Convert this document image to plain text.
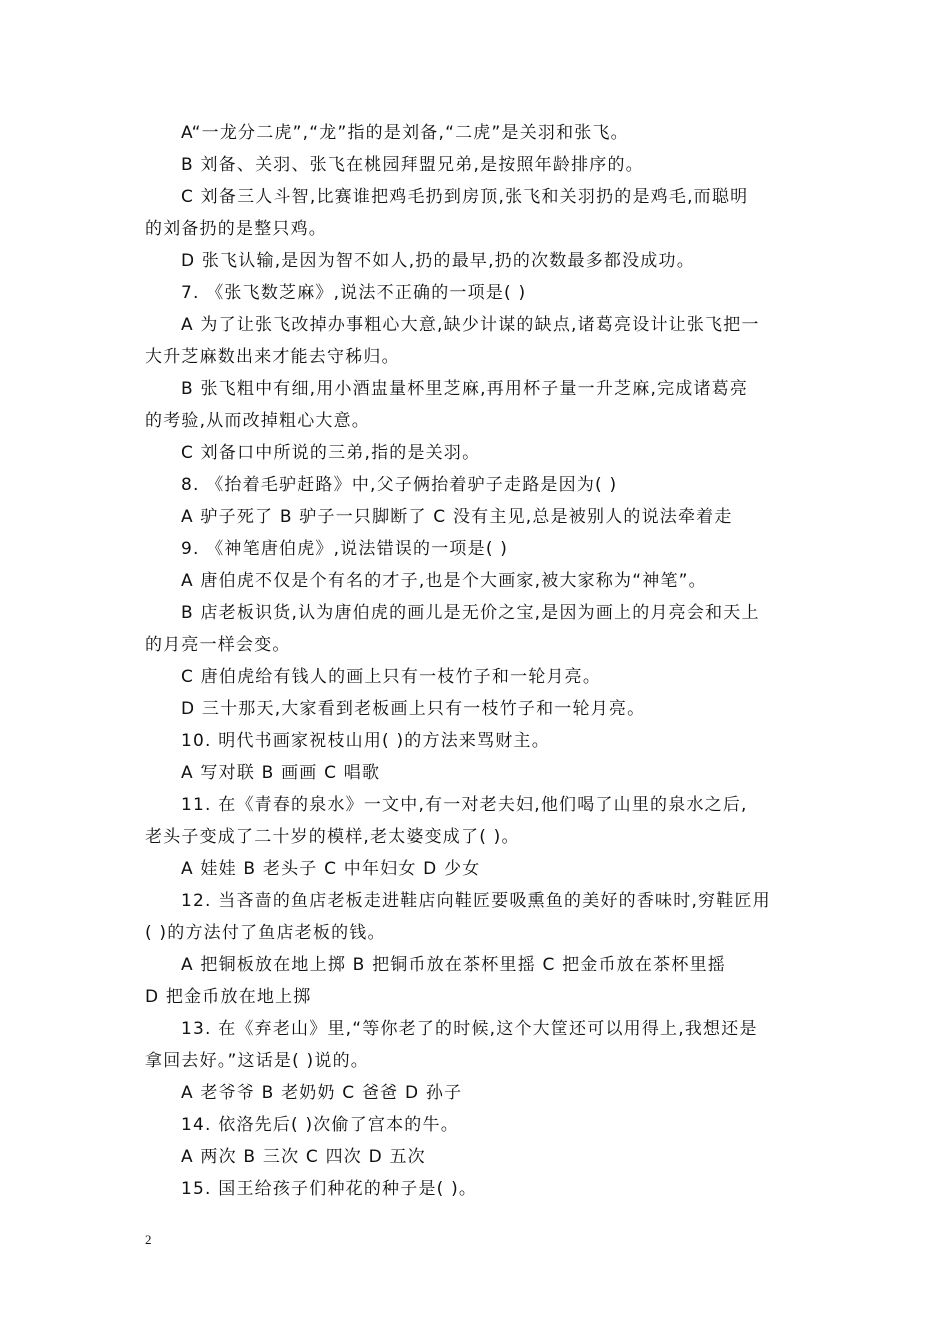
A“一龙分二虎”,“龙”指的是刘备,“二虎”是关羽和张飞。
B 刘备、关羽、张飞在桃园拜盟兄弟,是按照年龄排序的。
C 刘备三人斗智,比赛谁把鸡毛扔到房顶,张飞和关羽扔的是鸡毛,而聪明
的刘备扔的是整只鸡。
D 张飞认输,是因为智不如人,扔的最早,扔的次数最多都没成功。
7. 《张飞数芝麻》,说法不正确的一项是( )
A 为了让张飞改掉办事粗心大意,缺少计谋的缺点,诸葛亮设计让张飞把一
大升芝麻数出来才能去守秭归。
B 张飞粗中有细,用小酒盅量杯里芝麻,再用杯子量一升芝麻,完成诸葛亮
的考验,从而改掉粗心大意。
C 刘备口中所说的三弟,指的是关羽。
8. 《抬着毛驴赶路》中,父子俩抬着驴子走路是因为( )
A 驴子死了 B 驴子一只脚断了 C 没有主见,总是被别人的说法牵着走
9. 《神笔唐伯虎》,说法错误的一项是( )
A 唐伯虎不仅是个有名的才子,也是个大画家,被大家称为“神笔”。
B 店老板识货,认为唐伯虎的画儿是无价之宝,是因为画上的月亮会和天上
的月亮一样会变。
C 唐伯虎给有钱人的画上只有一枝竹子和一轮月亮。
D 三十那天,大家看到老板画上只有一枝竹子和一轮月亮。
10. 明代书画家祝枝山用( )的方法来骂财主。
A 写对联 B 画画 C 唱歌
11. 在《青春的泉水》一文中,有一对老夫妇,他们喝了山里的泉水之后,
老头子变成了二十岁的模样,老太婆变成了( )。
A 娃娃 B 老头子 C 中年妇女 D 少女
12. 当吝啬的鱼店老板走进鞋店向鞋匠要吸熏鱼的美好的香味时,穷鞋匠用
( )的方法付了鱼店老板的钱。
A 把铜板放在地上掷 B 把铜币放在茶杯里摇 C 把金币放在茶杯里摇
D 把金币放在地上掷
13. 在《弃老山》里,“等你老了的时候,这个大筐还可以用得上,我想还是
拿回去好。”这话是( )说的。
A 老爷爷 B 老奶奶 C 爸爸 D 孙子
14. 依洛先后( )次偷了宫本的牛。
A 两次 B 三次 C 四次 D 五次
15. 国王给孩子们种花的种子是( )。
2
